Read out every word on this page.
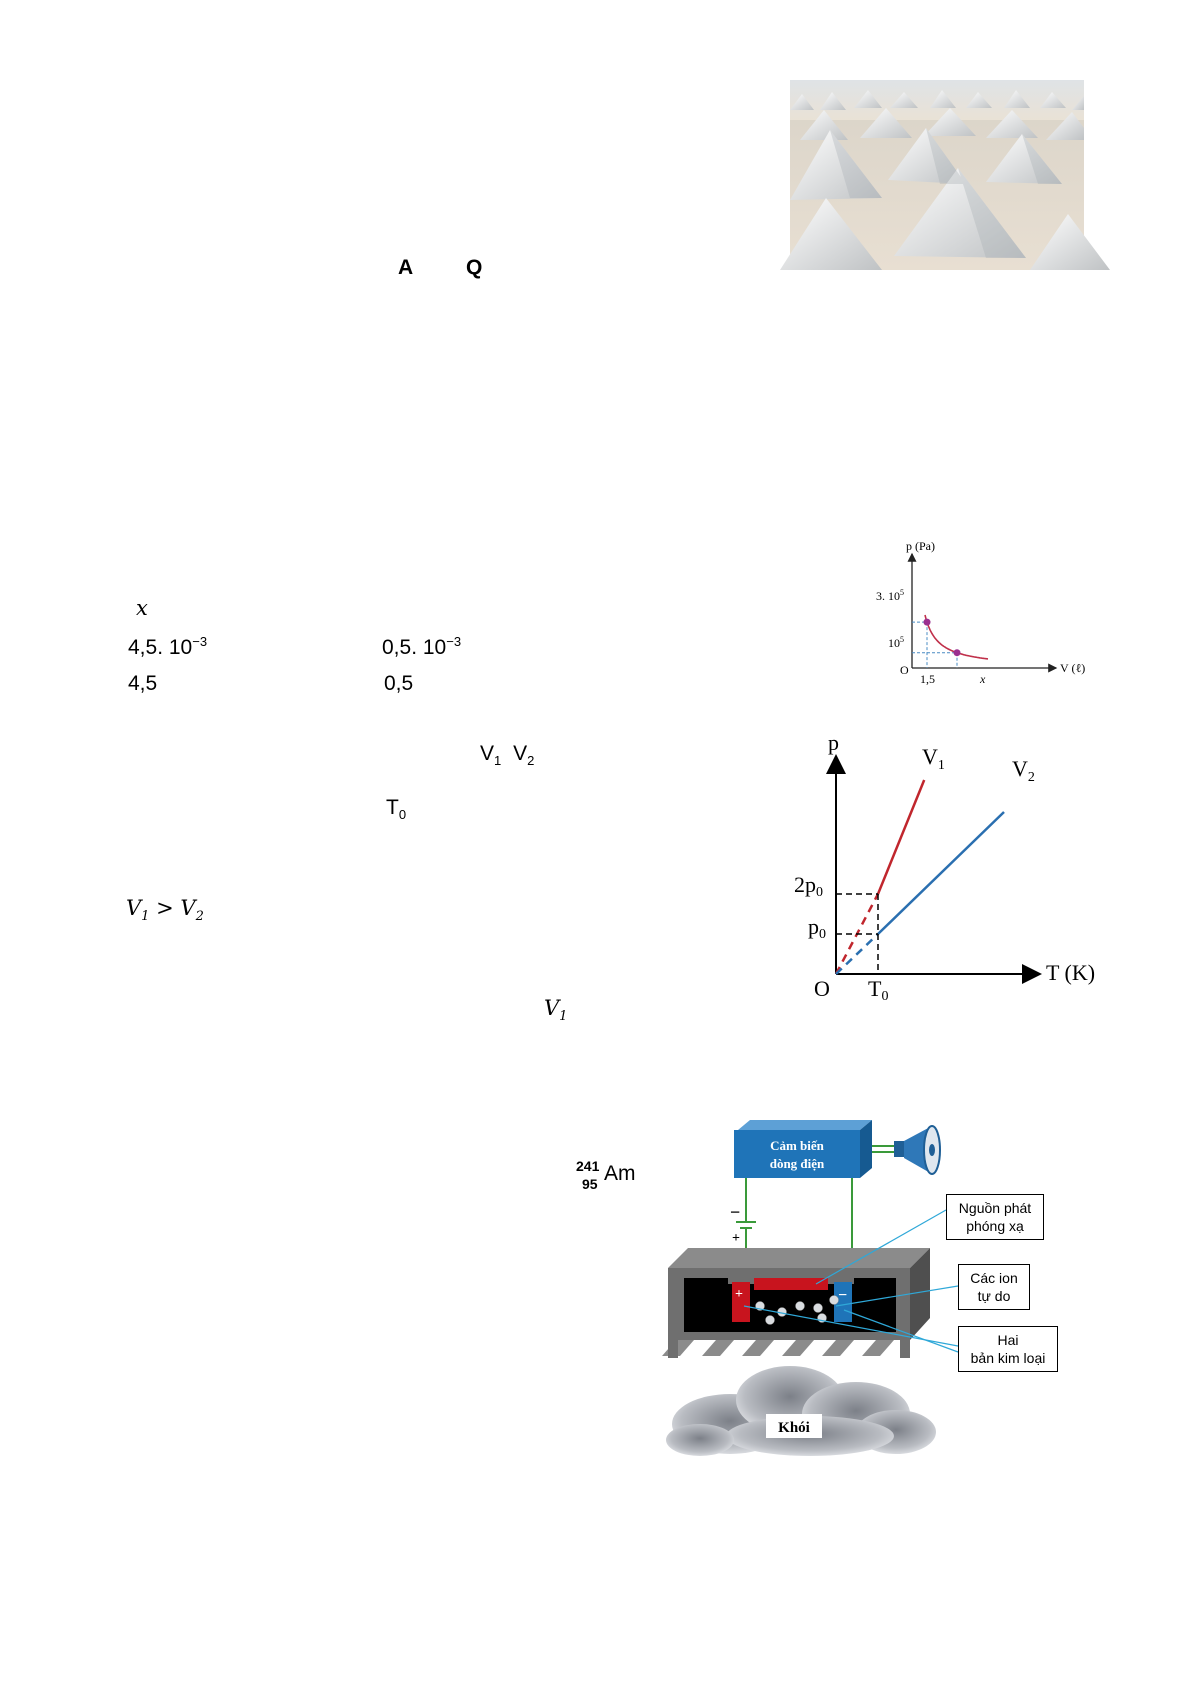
A	Q
x
4,5. $10^{-3}$	0,5. $10^{-3}$
4,5	0,5
$V_1$ $V_2$
$T_0$
$V_1 > V_2$
$V_1$
241
95 Am
p (Pa)
V (ℓ)
O
3. $10^5$
$10^5$
1,5	x
p
T (K)
O
$V_1$	$V_2$
2p0
p0
T0
Cảm biến
dòng điện
−
+
+	−
Khói
Nguồn phát
phóng xạ
Các ion
tự do
Hai
bản kim loại
